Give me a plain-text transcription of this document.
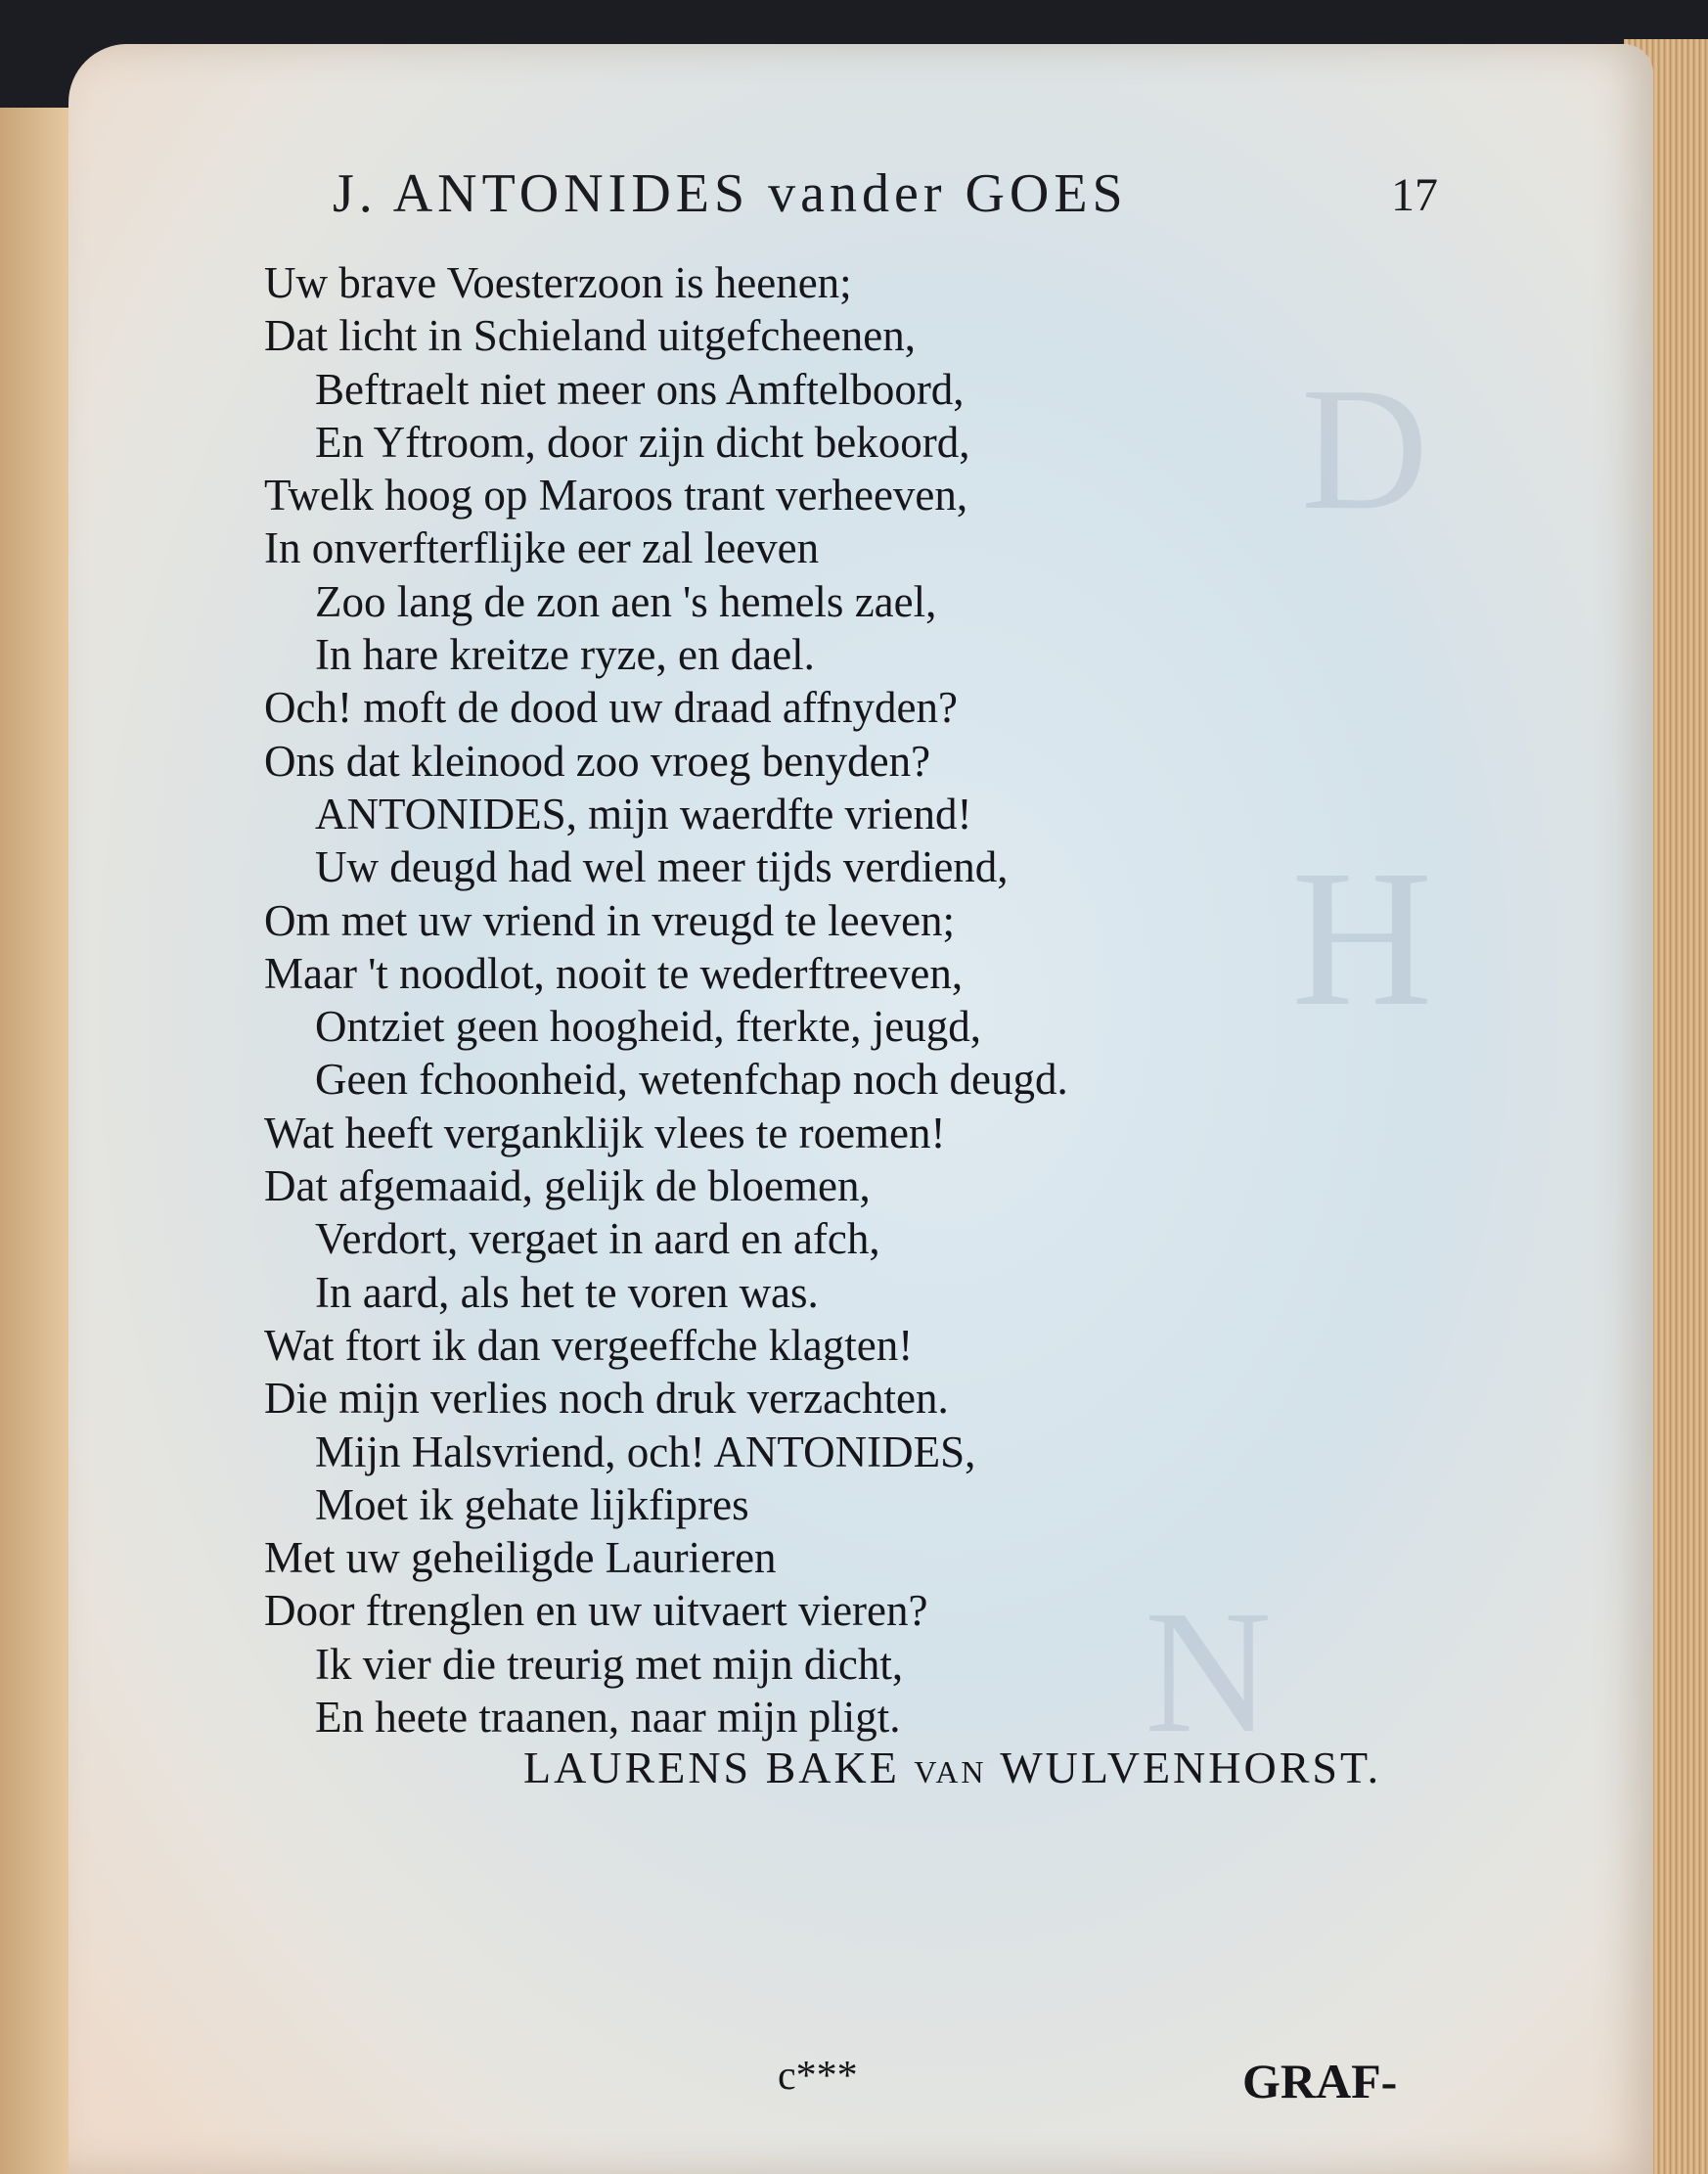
D
H
N
J. ANTONIDES vander GOES	17
Uw brave Voesterzoon is heenen;
Dat licht in Schieland uitgefcheenen,
Beftraelt niet meer ons Amftelboord,
En Yftroom, door zijn dicht bekoord,
Twelk hoog op Maroos trant verheeven,
In onverfterflijke eer zal leeven
Zoo lang de zon aen 's hemels zael,
In hare kreitze ryze, en dael.
Och! moft de dood uw draad affnyden?
Ons dat kleinood zoo vroeg benyden?
ANTONIDES, mijn waerdfte vriend!
Uw deugd had wel meer tijds verdiend,
Om met uw vriend in vreugd te leeven;
Maar 't noodlot, nooit te wederftreeven,
Ontziet geen hoogheid, fterkte, jeugd,
Geen fchoonheid, wetenfchap noch deugd.
Wat heeft verganklijk vlees te roemen!
Dat afgemaaid, gelijk de bloemen,
Verdort, vergaet in aard en afch,
In aard, als het te voren was.
Wat ftort ik dan vergeeffche klagten!
Die mijn verlies noch druk verzachten.
Mijn Halsvriend, och! ANTONIDES,
Moet ik gehate lijkfipres
Met uw geheiligde Laurieren
Door ftrenglen en uw uitvaert vieren?
Ik vier die treurig met mijn dicht,
En heete traanen, naar mijn pligt.
LAURENS BAKE van WULVENHORST.
c***	GRAF-
